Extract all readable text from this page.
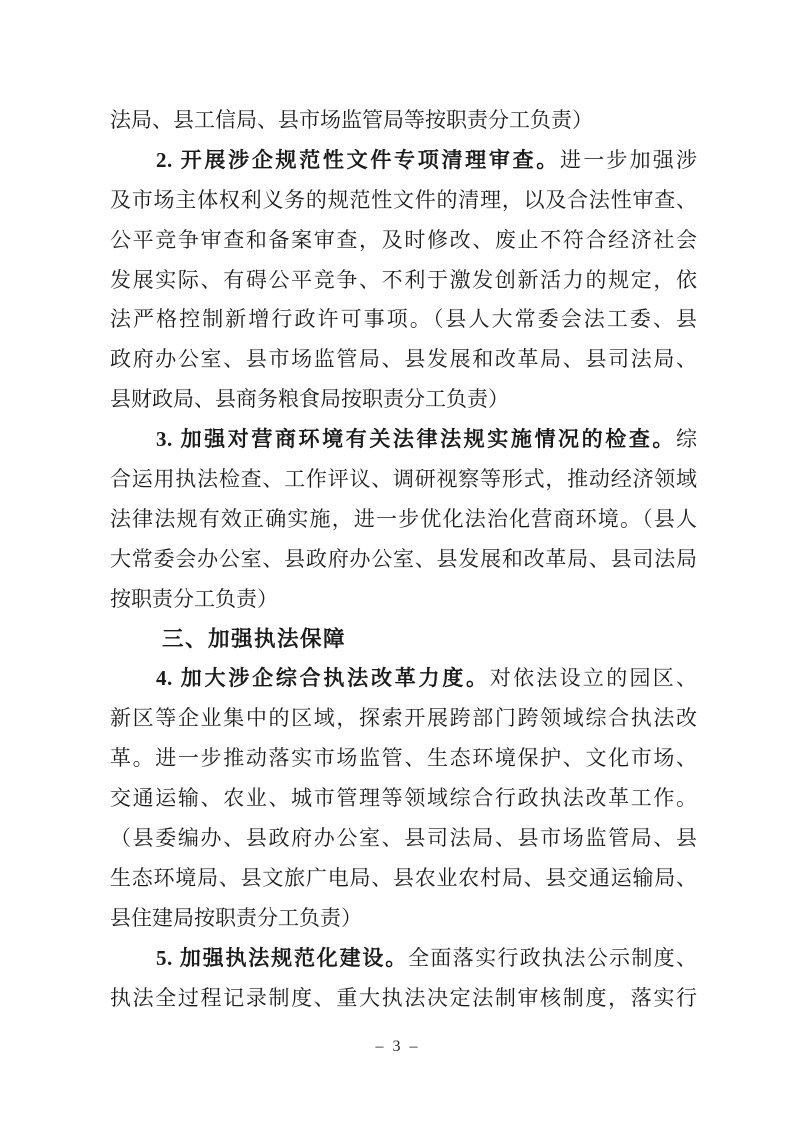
法局、县工信局、县市场监管局等按职责分工负责）
2. 开展涉企规范性文件专项清理审查。进一步加强涉
及市场主体权利义务的规范性文件的清理，以及合法性审查、
公平竞争审查和备案审查，及时修改、废止不符合经济社会
发展实际、有碍公平竞争、不利于激发创新活力的规定，依
法严格控制新增行政许可事项。（县人大常委会法工委、县
政府办公室、县市场监管局、县发展和改革局、县司法局、
县财政局、县商务粮食局按职责分工负责）
3. 加强对营商环境有关法律法规实施情况的检查。综
合运用执法检查、工作评议、调研视察等形式，推动经济领域
法律法规有效正确实施，进一步优化法治化营商环境。（县人
大常委会办公室、县政府办公室、县发展和改革局、县司法局
按职责分工负责）
三、加强执法保障
4. 加大涉企综合执法改革力度。对依法设立的园区、
新区等企业集中的区域，探索开展跨部门跨领域综合执法改
革。进一步推动落实市场监管、生态环境保护、文化市场、
交通运输、农业、城市管理等领域综合行政执法改革工作。
（县委编办、县政府办公室、县司法局、县市场监管局、县
生态环境局、县文旅广电局、县农业农村局、县交通运输局、
县住建局按职责分工负责）
5. 加强执法规范化建设。全面落实行政执法公示制度、
执法全过程记录制度、重大执法决定法制审核制度，落实行
– 3 –
